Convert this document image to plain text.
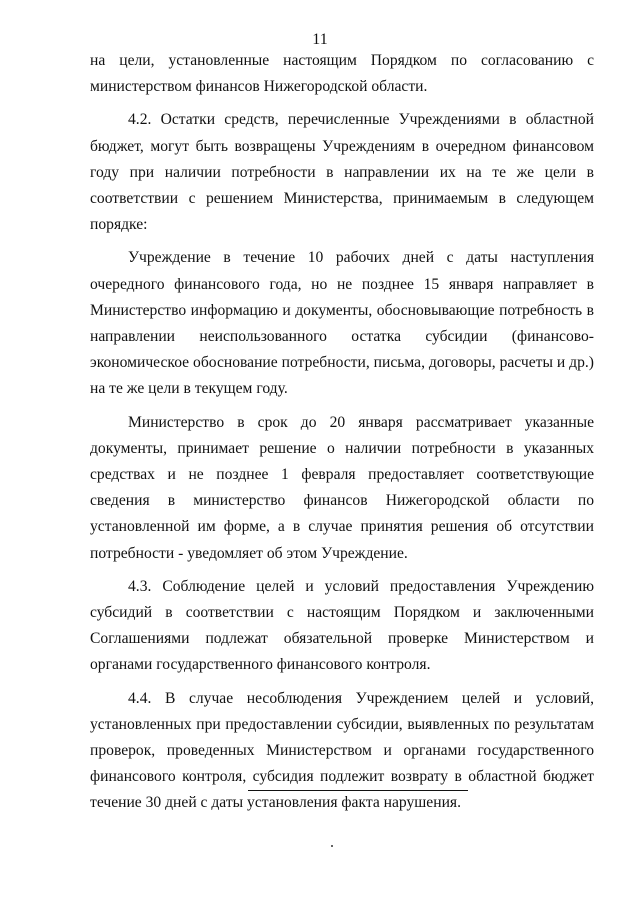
11

на цели, установленные настоящим Порядком по согласованию с министерством финансов Нижегородской области.

4.2. Остатки средств, перечисленные Учреждениями в областной бюджет, могут быть возвращены Учреждениям в очередном финансовом году при наличии потребности в направлении их на те же цели в соответствии с решением Министерства, принимаемым в следующем порядке:

Учреждение в течение 10 рабочих дней с даты наступления очередного финансового года, но не позднее 15 января направляет в Министерство информацию и документы, обосновывающие потребность в направлении неиспользованного остатка субсидии (финансово-экономическое обоснование потребности, письма, договоры, расчеты и др.) на те же цели в текущем году.

Министерство в срок до 20 января рассматривает указанные документы, принимает решение о наличии потребности в указанных средствах и не позднее 1 февраля предоставляет соответствующие сведения в министерство финансов Нижегородской области по установленной им форме, а в случае принятия решения об отсутствии потребности - уведомляет об этом Учреждение.

4.3. Соблюдение целей и условий предоставления Учреждению субсидий в соответствии с настоящим Порядком и заключенными Соглашениями подлежат обязательной проверке Министерством и органами государственного финансового контроля.

4.4. В случае несоблюдения Учреждением целей и условий, установленных при предоставлении субсидии, выявленных по результатам проверок, проведенных Министерством и органами государственного финансового контроля, субсидия подлежит возврату в областной бюджет течение 30 дней с даты установления факта нарушения.
